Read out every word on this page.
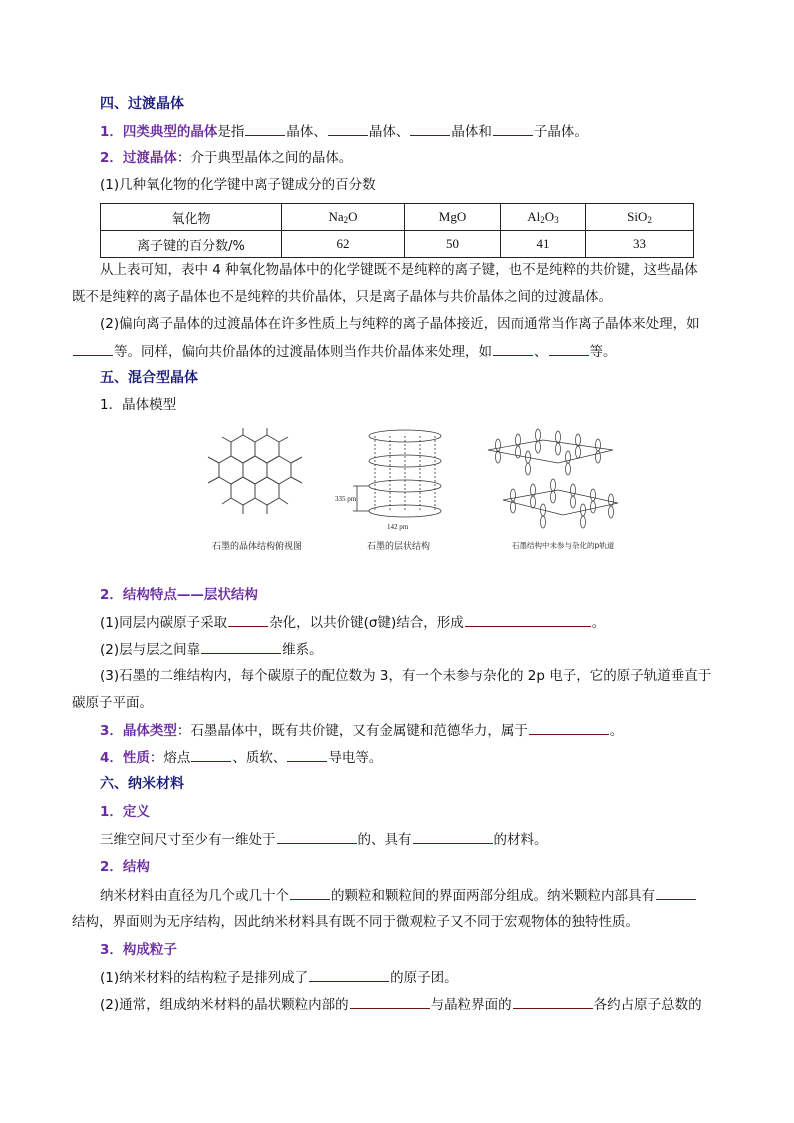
四、过渡晶体
1．四类典型的晶体是指	晶体、	晶体、	晶体和	子晶体。
2．过渡晶体：介于典型晶体之间的晶体。
(1)几种氧化物的化学键中离子键成分的百分数
氧化物	$Na_2O$	MgO	$Al_2O_3$	SiO$_2$
离子键的百分数/%	62	50	41	33
从上表可知，表中 4 种氧化物晶体中的化学键既不是纯粹的离子键，也不是纯粹的共价键，这些晶体
既不是纯粹的离子晶体也不是纯粹的共价晶体，只是离子晶体与共价晶体之间的过渡晶体。
(2)偏向离子晶体的过渡晶体在许多性质上与纯粹的离子晶体接近，因而通常当作离子晶体来处理，如
等。同样，偏向共价晶体的过渡晶体则当作共价晶体来处理，如	、	等。
五、混合型晶体
1．晶体模型
石墨的晶体结构俯视图
335 pm
142 pm
石墨的层状结构	石墨结构中未参与杂化的p轨道
2．结构特点——层状结构
(1)同层内碳原子采取	杂化，以共价键(σ键)结合，形成	。
(2)层与层之间靠	维系。
(3)石墨的二维结构内，每个碳原子的配位数为 3，有一个未参与杂化的 2p 电子，它的原子轨道垂直于
碳原子平面。
3．晶体类型：石墨晶体中，既有共价键，又有金属键和范德华力，属于	。
4．性质：熔点	、质软、	导电等。
六、纳米材料
1．定义
三维空间尺寸至少有一维处于	的、具有	的材料。
2．结构
纳米材料由直径为几个或几十个	的颗粒和颗粒间的界面两部分组成。纳米颗粒内部具有
结构，界面则为无序结构，因此纳米材料具有既不同于微观粒子又不同于宏观物体的独特性质。
3．构成粒子
(1)纳米材料的结构粒子是排列成了	的原子团。
(2)通常，组成纳米材料的晶状颗粒内部的	与晶粒界面的	各约占原子总数的
